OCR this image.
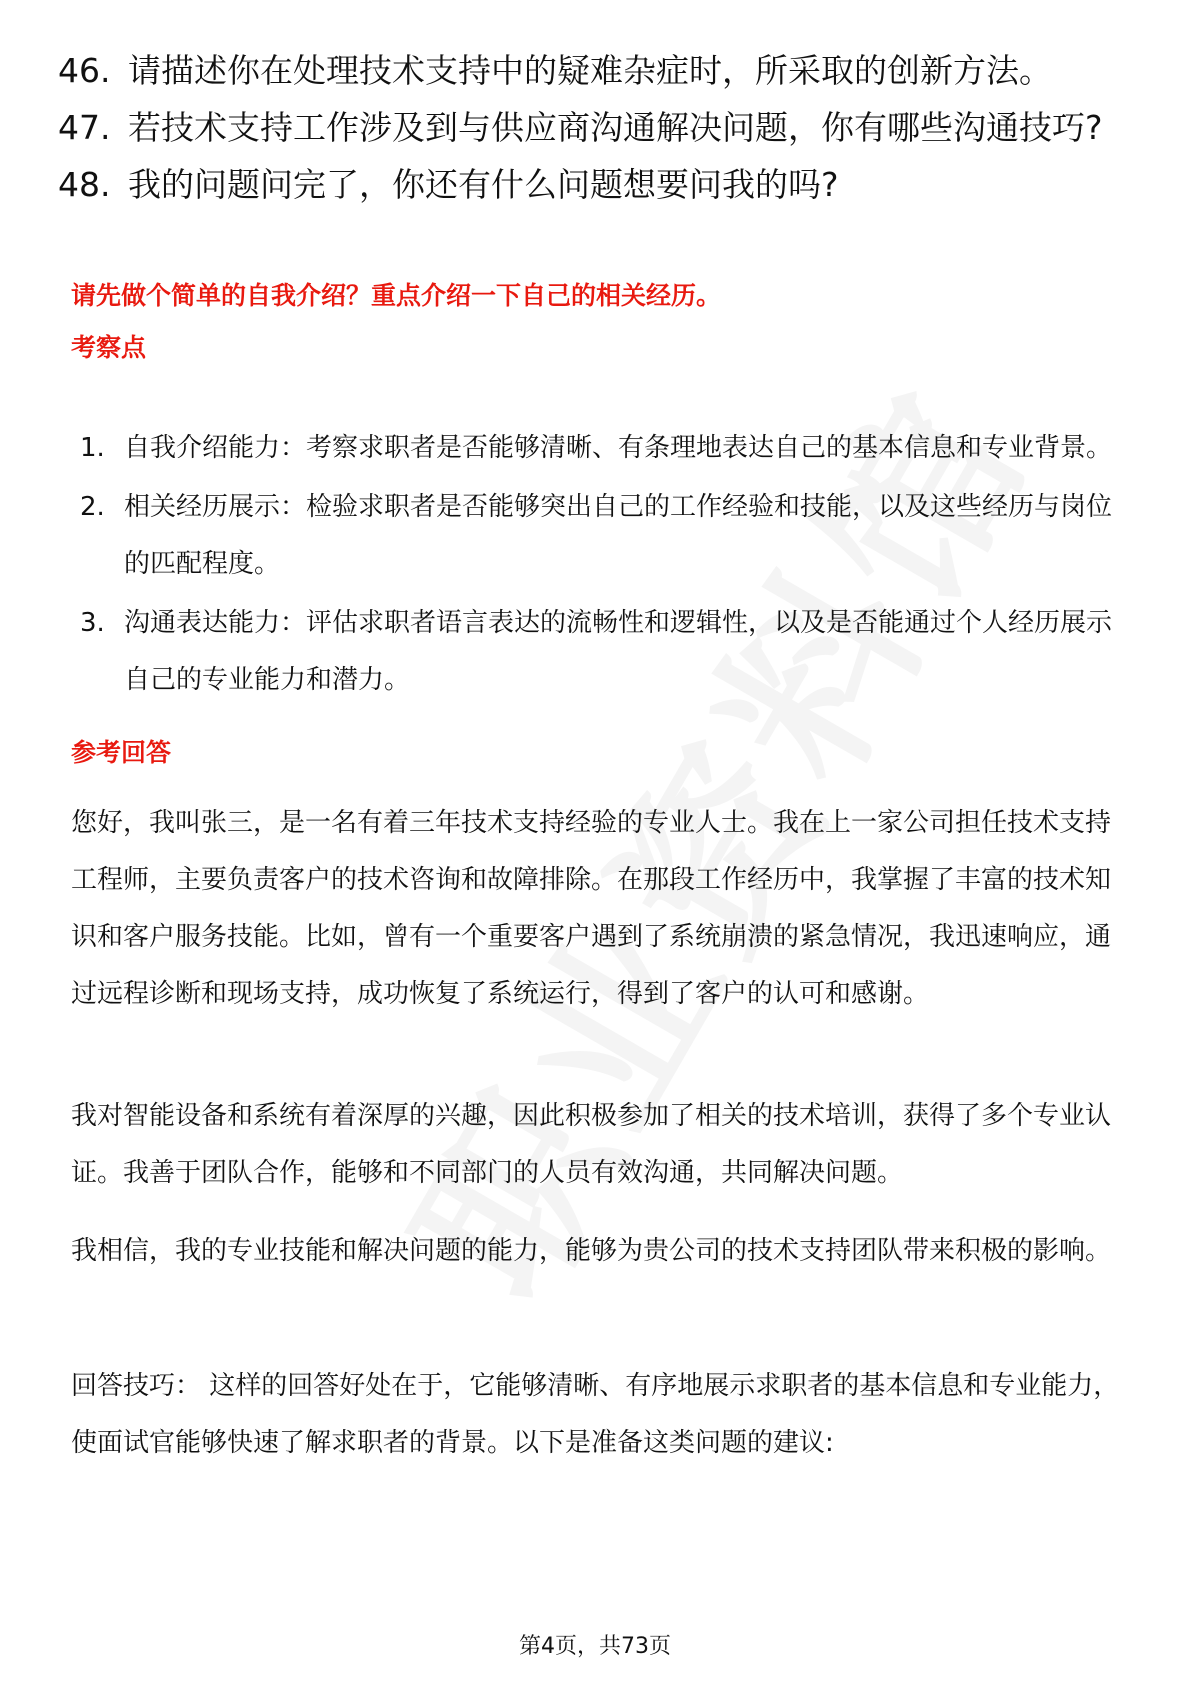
46. 请描述你在处理技术支持中的疑难杂症时，所采取的创新方法。
47. 若技术支持工作涉及到与供应商沟通解决问题，你有哪些沟通技巧?
48. 我的问题问完了，你还有什么问题想要问我的吗?
请先做个简单的自我介绍？重点介绍一下自己的相关经历。
考察点
1. 自我介绍能力：考察求职者是否能够清晰、有条理地表达自己的基本信息和专业背景。
2. 相关经历展示：检验求职者是否能够突出自己的工作经验和技能，以及这些经历与岗位的匹配程度。
3. 沟通表达能力：评估求职者语言表达的流畅性和逻辑性，以及是否能通过个人经历展示自己的专业能力和潜力。
参考回答
您好，我叫张三，是一名有着三年技术支持经验的专业人士。我在上一家公司担任技术支持工程师，主要负责客户的技术咨询和故障排除。在那段工作经历中，我掌握了丰富的技术知识和客户服务技能。比如，曾有一个重要客户遇到了系统崩溃的紧急情况，我迅速响应，通过远程诊断和现场支持，成功恢复了系统运行，得到了客户的认可和感谢。
我对智能设备和系统有着深厚的兴趣，因此积极参加了相关的技术培训，获得了多个专业认证。我善于团队合作，能够和不同部门的人员有效沟通，共同解决问题。
我相信，我的专业技能和解决问题的能力，能够为贵公司的技术支持团队带来积极的影响。
回答技巧： 这样的回答好处在于，它能够清晰、有序地展示求职者的基本信息和专业能力，使面试官能够快速了解求职者的背景。以下是准备这类问题的建议:
第4页，共73页
